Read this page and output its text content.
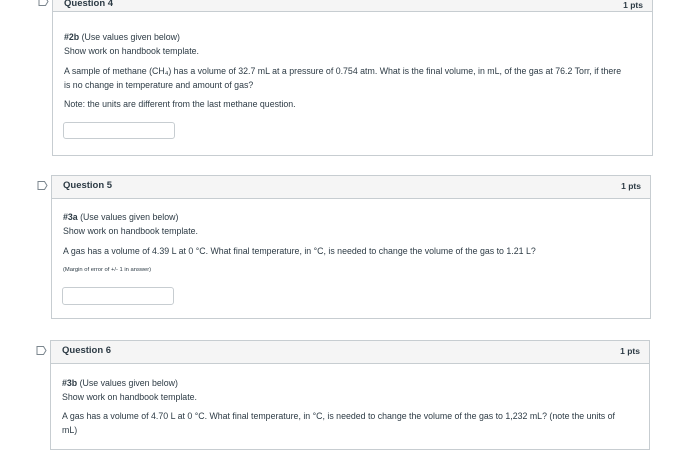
Question 4	1 pts
#2b (Use values given below)
Show work on handbook template.
A sample of methane (CH₄) has a volume of 32.7 mL at a pressure of 0.754 atm. What is the final volume, in mL, of the gas at 76.2 Torr, if there
is no change in temperature and amount of gas?
Note: the units are different from the last methane question.
Question 5	1 pts
#3a (Use values given below)
Show work on handbook template.
A gas has a volume of 4.39 L at 0 °C. What final temperature, in °C, is needed to change the volume of the gas to 1.21 L?
(Margin of error of +/- 1 in answer)
Question 6	1 pts
#3b (Use values given below)
Show work on handbook template.
A gas has a volume of 4.70 L at 0 °C. What final temperature, in °C, is needed to change the volume of the gas to 1,232 mL? (note the units of
mL)
